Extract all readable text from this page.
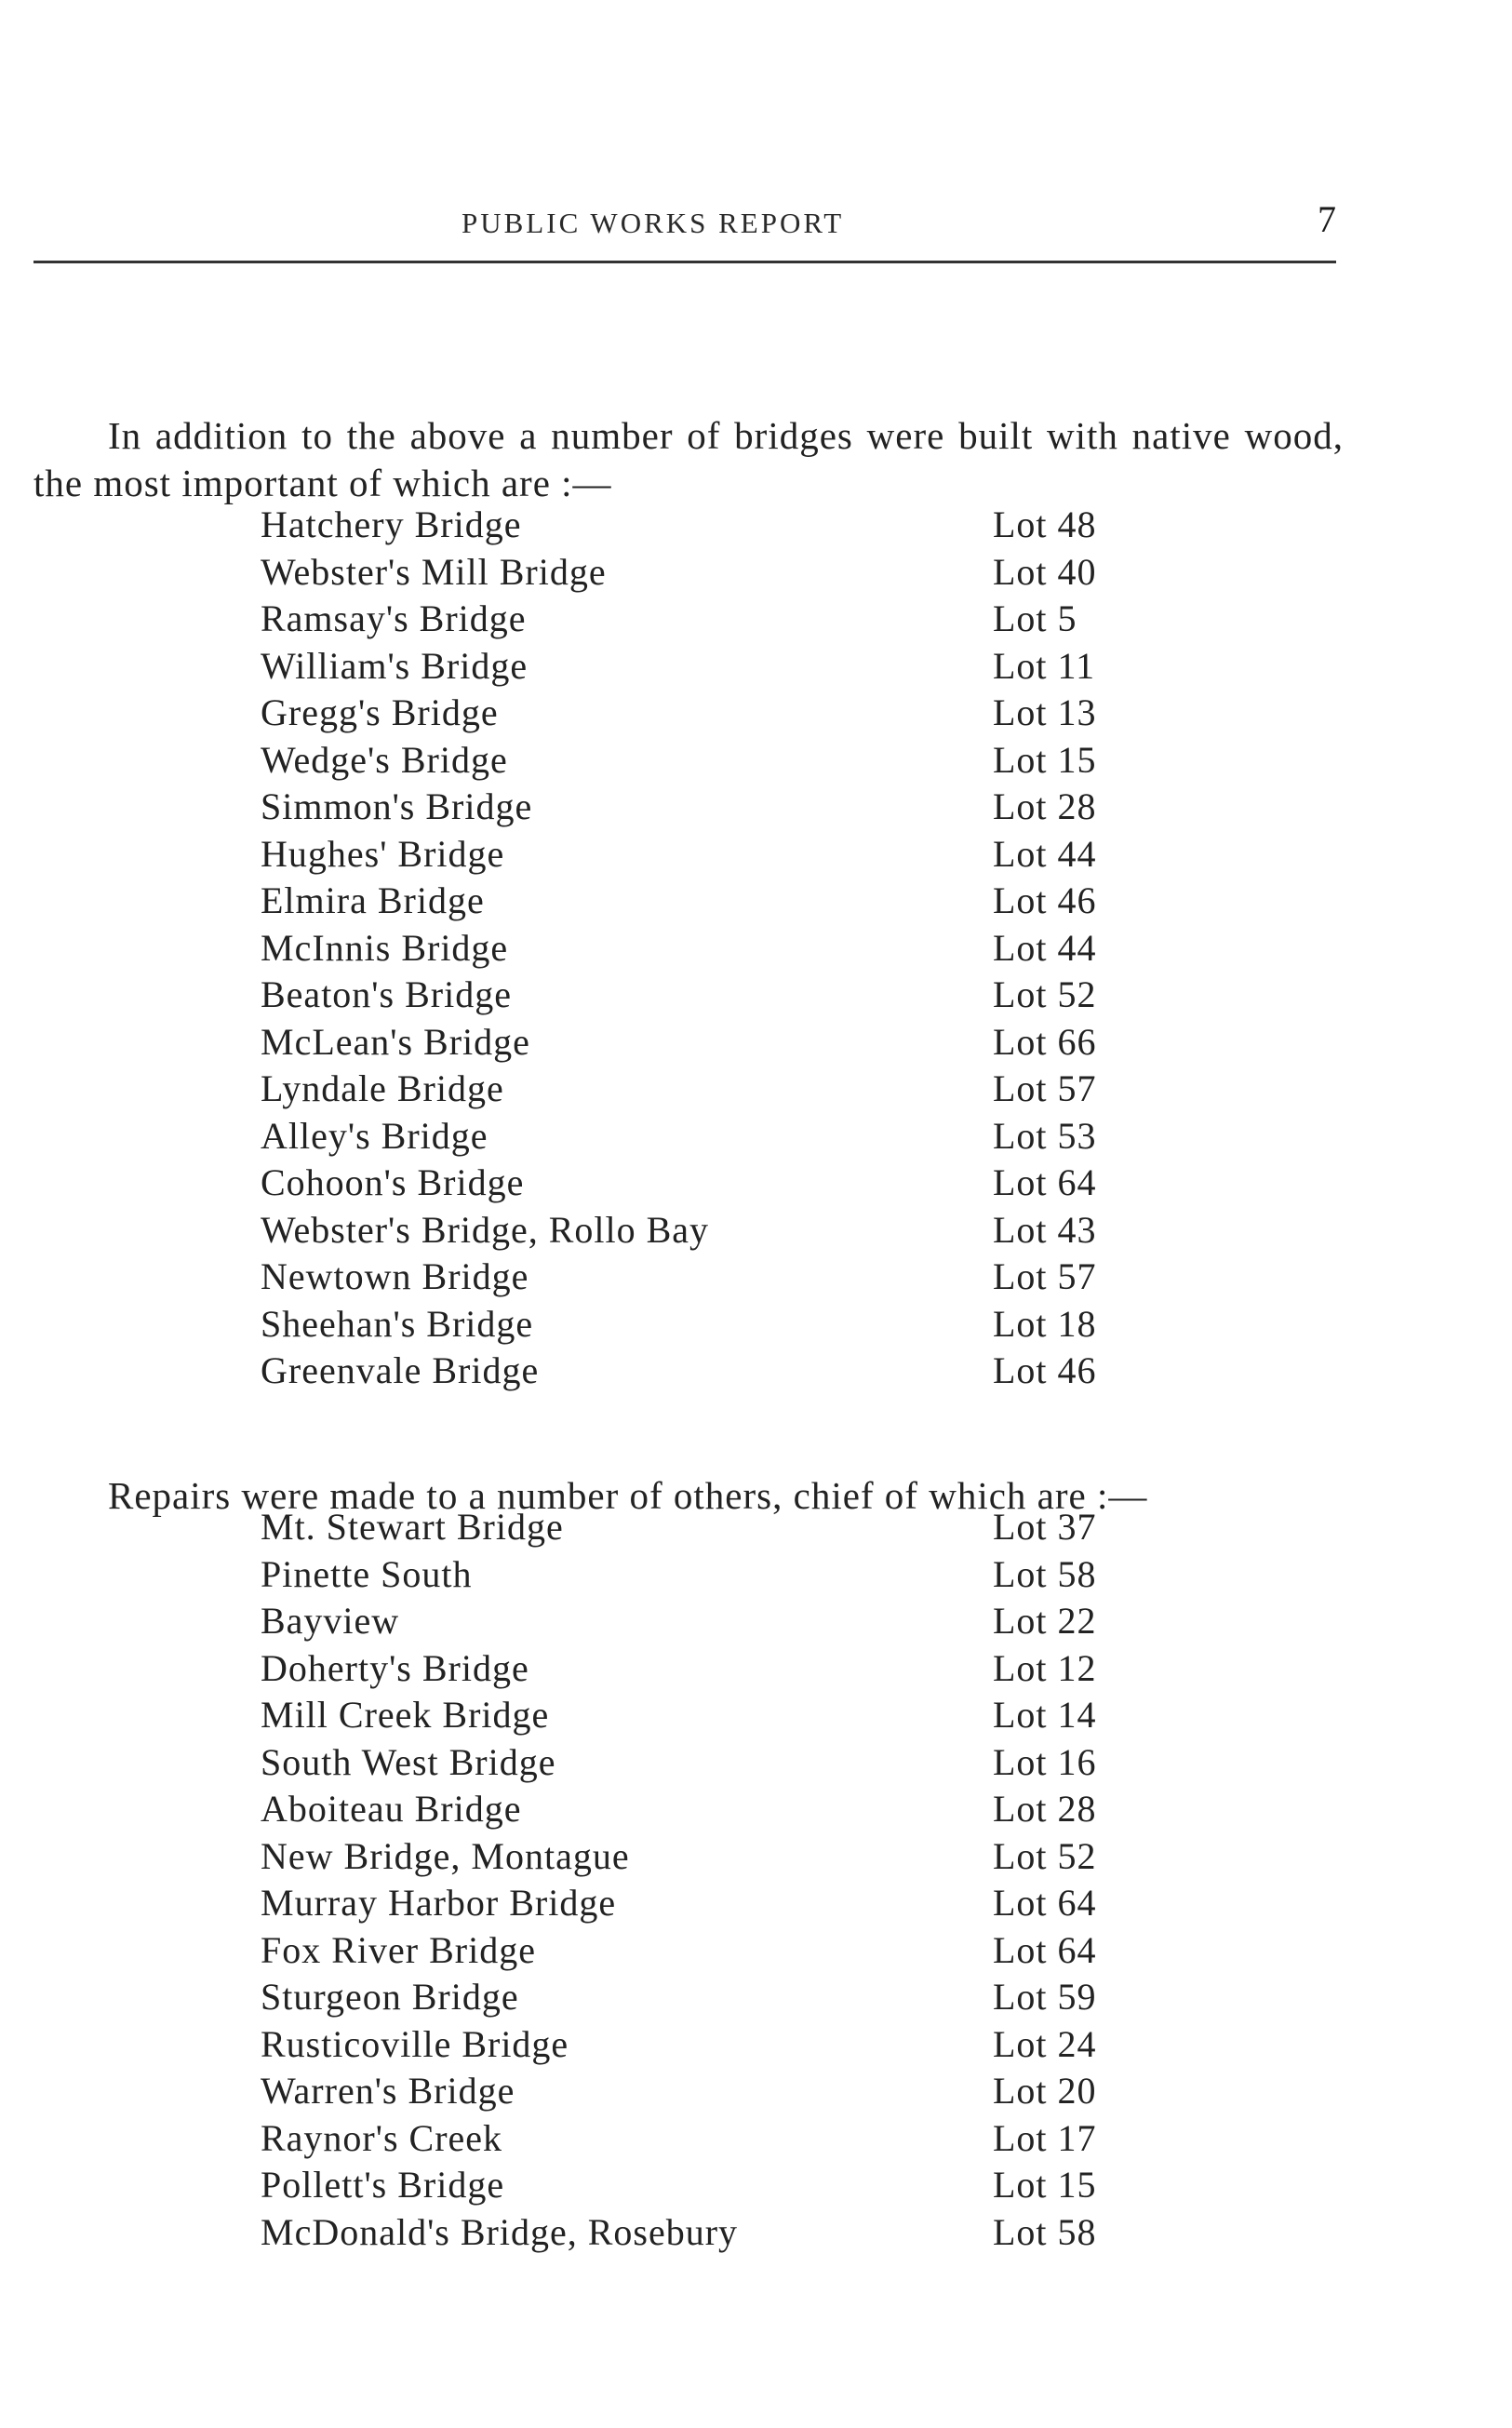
PUBLIC WORKS REPORT	7

In addition to the above a number of bridges were built with native wood, the most important of which are :—

Hatchery Bridge	Lot 48
Webster's Mill Bridge	Lot 40
Ramsay's Bridge	Lot 5
William's Bridge	Lot 11
Gregg's Bridge	Lot 13
Wedge's Bridge	Lot 15
Simmon's Bridge	Lot 28
Hughes' Bridge	Lot 44
Elmira Bridge	Lot 46
McInnis Bridge	Lot 44
Beaton's Bridge	Lot 52
McLean's Bridge	Lot 66
Lyndale Bridge	Lot 57
Alley's Bridge	Lot 53
Cohoon's Bridge	Lot 64
Webster's Bridge, Rollo Bay	Lot 43
Newtown Bridge	Lot 57
Sheehan's Bridge	Lot 18
Greenvale Bridge	Lot 46

Repairs were made to a number of others, chief of which are :—

Mt. Stewart Bridge	Lot 37
Pinette South	Lot 58
Bayview	Lot 22
Doherty's Bridge	Lot 12
Mill Creek Bridge	Lot 14
South West Bridge	Lot 16
Aboiteau Bridge	Lot 28
New Bridge, Montague	Lot 52
Murray Harbor Bridge	Lot 64
Fox River Bridge	Lot 64
Sturgeon Bridge	Lot 59
Rusticoville Bridge	Lot 24
Warren's Bridge	Lot 20
Raynor's Creek	Lot 17
Pollett's Bridge	Lot 15
McDonald's Bridge, Rosebury	Lot 58
